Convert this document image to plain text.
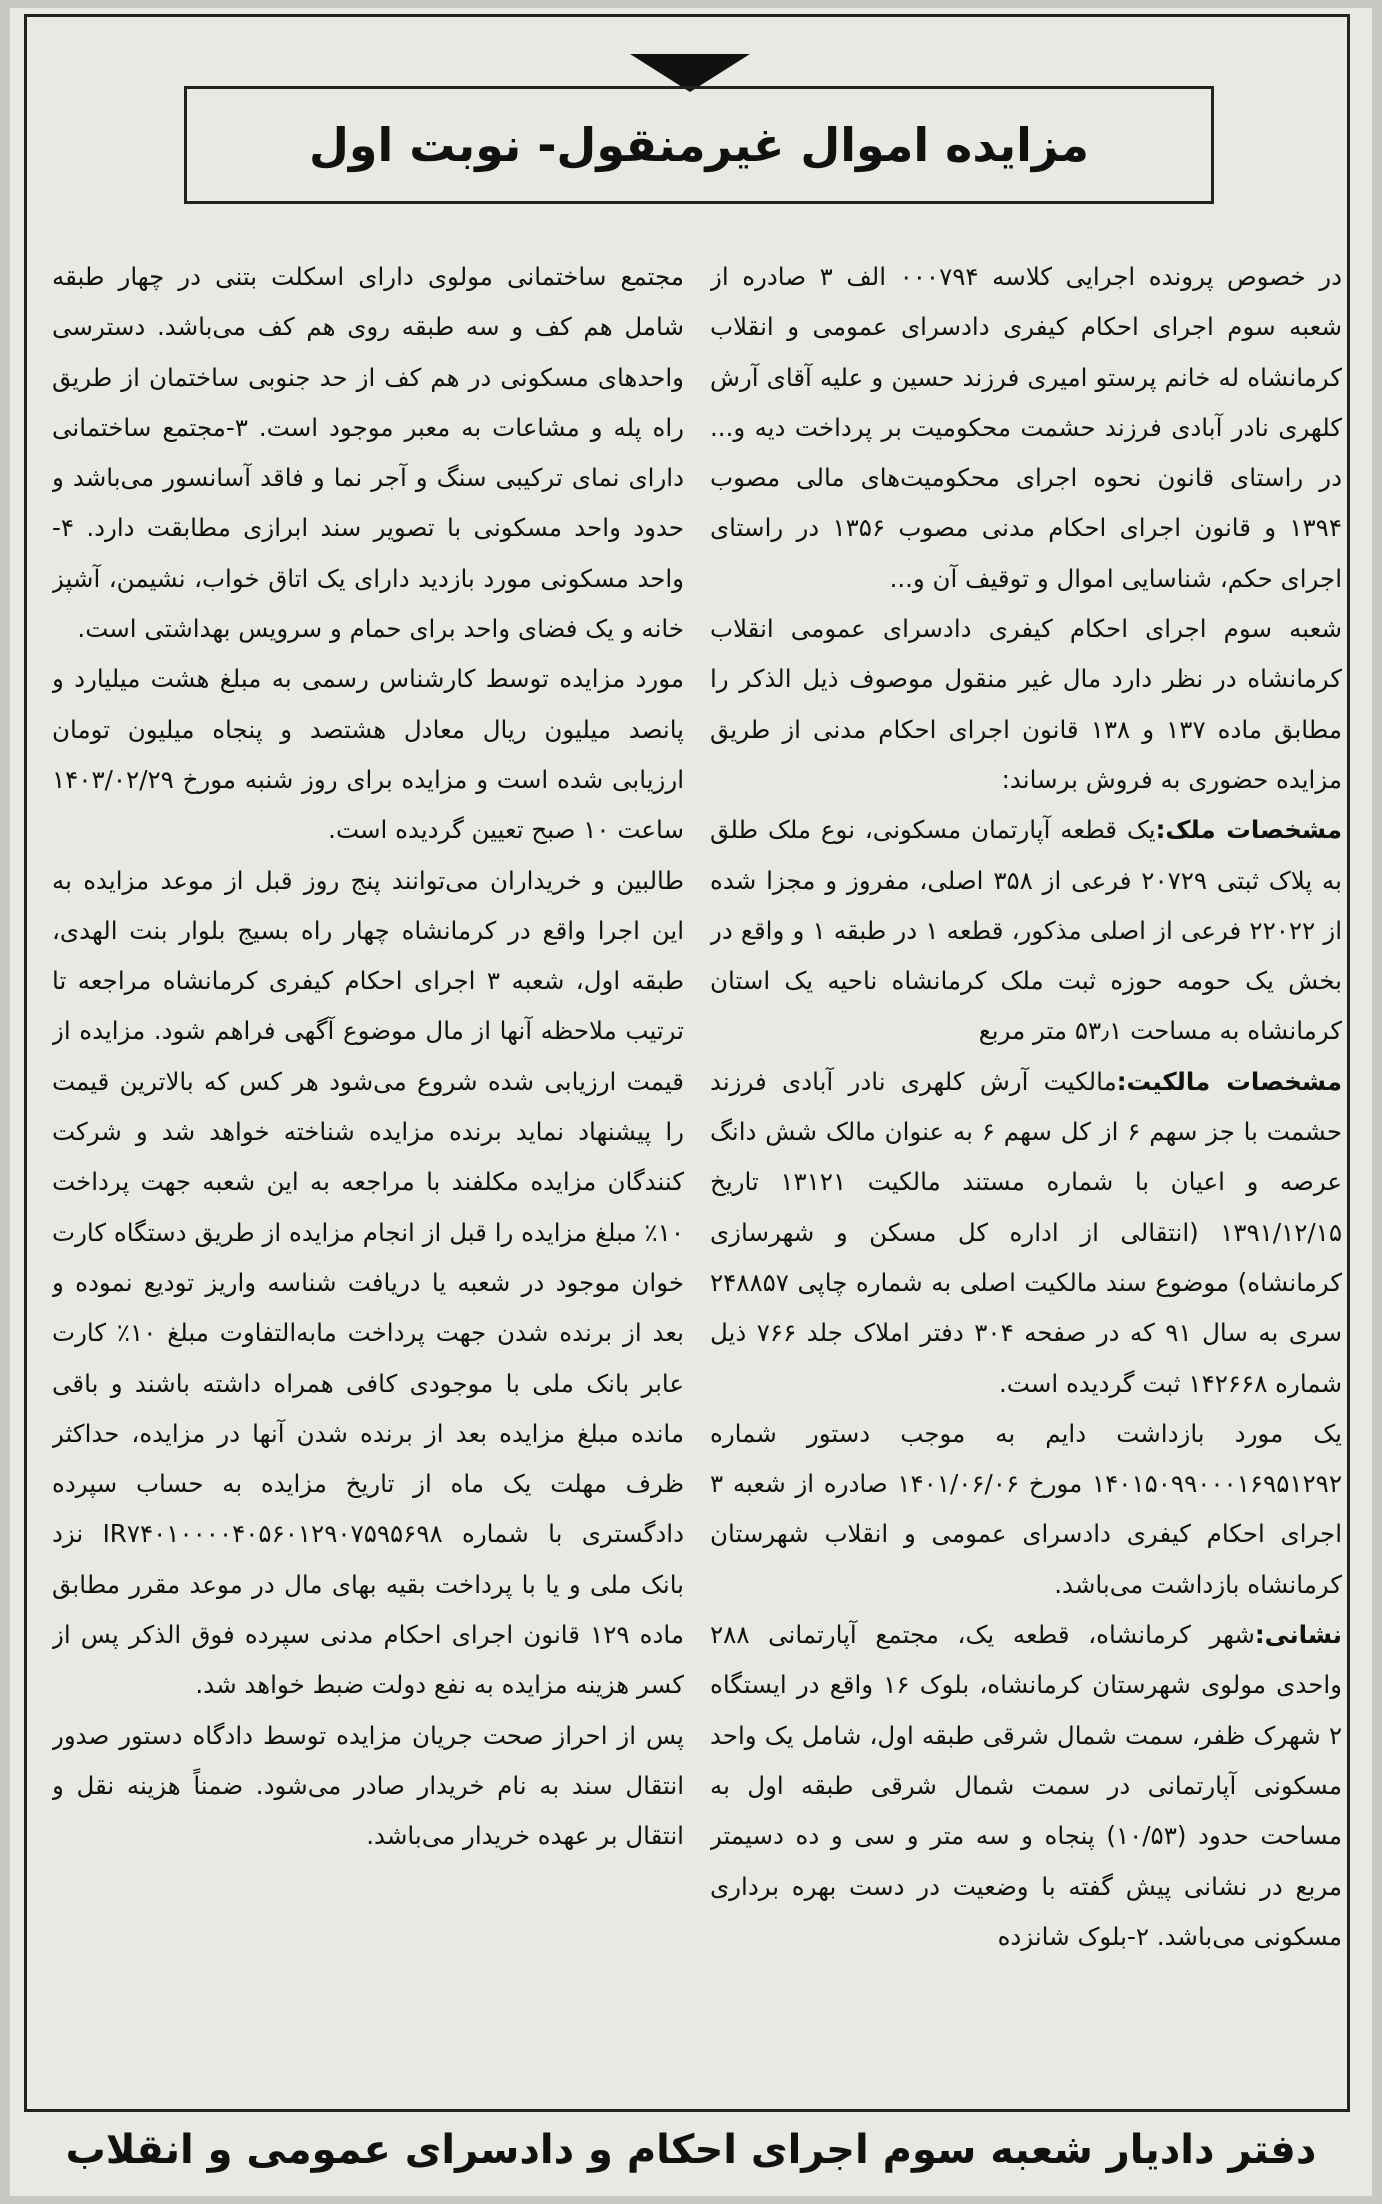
مزایده اموال غیرمنقول- نوبت اول

در خصوص پرونده اجرایی کلاسه ۰۰۰۷۹۴ الف ۳ صادره از شعبه سوم اجرای احکام کیفری دادسرای عمومی و انقلاب کرمانشاه له خانم پرستو امیری فرزند حسین و علیه آقای آرش کلهری نادر آبادی فرزند حشمت محکومیت بر پرداخت دیه و... در راستای قانون نحوه اجرای محکومیت‌های مالی مصوب ۱۳۹۴ و قانون اجرای احکام مدنی مصوب ۱۳۵۶ در راستای اجرای حکم، شناسایی اموال و توقیف آن و...

شعبه سوم اجرای احکام کیفری دادسرای عمومی انقلاب کرمانشاه در نظر دارد مال غیر منقول موصوف ذیل الذکر را مطابق ماده ۱۳۷ و ۱۳۸ قانون اجرای احکام مدنی از طریق مزایده حضوری به فروش برساند:

مشخصات ملک:یک قطعه آپارتمان مسکونی، نوع ملک طلق به پلاک ثبتی ۲۰۷۲۹ فرعی از ۳۵۸ اصلی، مفروز و مجزا شده از ۲۲۰۲۲ فرعی از اصلی مذکور، قطعه ۱ در طبقه ۱ و واقع در بخش یک حومه حوزه ثبت ملک کرمانشاه ناحیه یک استان کرمانشاه به مساحت ۵۳٫۱ متر مربع

مشخصات مالکیت:مالکیت آرش کلهری نادر آبادی فرزند حشمت با جز سهم ۶ از کل سهم ۶ به عنوان مالک شش دانگ عرصه و اعیان با شماره مستند مالکیت ۱۳۱۲۱ تاریخ ۱۳۹۱/۱۲/۱۵ (انتقالی از اداره کل مسکن و شهرسازی کرمانشاه) موضوع سند مالکیت اصلی به شماره چاپی ۲۴۸۸۵۷ سری به سال ۹۱ که در صفحه ۳۰۴ دفتر املاک جلد ۷۶۶ ذیل شماره ۱۴۲۶۶۸ ثبت گردیده است.

یک مورد بازداشت دایم به موجب دستور شماره ۱۴۰۱۵۰۹۹۰۰۰۱۶۹۵۱۲۹۲ مورخ ۱۴۰۱/۰۶/۰۶ صادره از شعبه ۳ اجرای احکام کیفری دادسرای عمومی و انقلاب شهرستان کرمانشاه بازداشت می‌باشد.

نشانی:شهر کرمانشاه، قطعه یک، مجتمع آپارتمانی ۲۸۸ واحدی مولوی شهرستان کرمانشاه، بلوک ۱۶ واقع در ایستگاه ۲ شهرک ظفر، سمت شمال شرقی طبقه اول، شامل یک واحد مسکونی آپارتمانی در سمت شمال شرقی طبقه اول به مساحت حدود (۱۰/۵۳) پنجاه و سه متر و سی و ده دسیمتر مربع در نشانی پیش گفته با وضعیت در دست بهره برداری مسکونی می‌باشد. ۲-بلوک شانزده

مجتمع ساختمانی مولوی دارای اسکلت بتنی در چهار طبقه شامل هم کف و سه طبقه روی هم کف می‌باشد. دسترسی واحدهای مسکونی در هم کف از حد جنوبی ساختمان از طریق راه پله و مشاعات به معبر موجود است. ۳-مجتمع ساختمانی دارای نمای ترکیبی سنگ و آجر نما و فاقد آسانسور می‌باشد و حدود واحد مسکونی با تصویر سند ابرازی مطابقت دارد. ۴-واحد مسکونی مورد بازدید دارای یک اتاق خواب، نشیمن، آشپز خانه و یک فضای واحد برای حمام و سرویس بهداشتی است.

مورد مزایده توسط کارشناس رسمی به مبلغ هشت میلیارد و پانصد میلیون ریال معادل هشتصد و پنجاه میلیون تومان ارزیابی شده است و مزایده برای روز شنبه مورخ ۱۴۰۳/۰۲/۲۹ ساعت ۱۰ صبح تعیین گردیده است.

طالبین و خریداران می‌توانند پنج روز قبل از موعد مزایده به این اجرا واقع در کرمانشاه چهار راه بسیج بلوار بنت الهدی، طبقه اول، شعبه ۳ اجرای احکام کیفری کرمانشاه مراجعه تا ترتیب ملاحظه آنها از مال موضوع آگهی فراهم شود. مزایده از قیمت ارزیابی شده شروع می‌شود هر کس که بالاترین قیمت را پیشنهاد نماید برنده مزایده شناخته خواهد شد و شرکت کنندگان مزایده مکلفند با مراجعه به این شعبه جهت پرداخت ۱۰٪ مبلغ مزایده را قبل از انجام مزایده از طریق دستگاه کارت خوان موجود در شعبه یا دریافت شناسه واریز تودیع نموده و بعد از برنده شدن جهت پرداخت مابه‌التفاوت مبلغ ۱۰٪ کارت عابر بانک ملی با موجودی کافی همراه داشته باشند و باقی مانده مبلغ مزایده بعد از برنده شدن آنها در مزایده، حداکثر ظرف مهلت یک ماه از تاریخ مزایده به حساب سپرده دادگستری با شماره IR۷۴۰۱۰۰۰۰۴۰۵۶۰۱۲۹۰۷۵۹۵۶۹۸ نزد بانک ملی و یا با پرداخت بقیه بهای مال در موعد مقرر مطابق ماده ۱۲۹ قانون اجرای احکام مدنی سپرده فوق الذکر پس از کسر هزینه مزایده به نفع دولت ضبط خواهد شد.

پس از احراز صحت جریان مزایده توسط دادگاه دستور صدور انتقال سند به نام خریدار صادر می‌شود. ضمناً هزینه نقل و انتقال بر عهده خریدار می‌باشد.

دفتر دادیار شعبه سوم اجرای احکام و دادسرای عمومی و انقلاب
